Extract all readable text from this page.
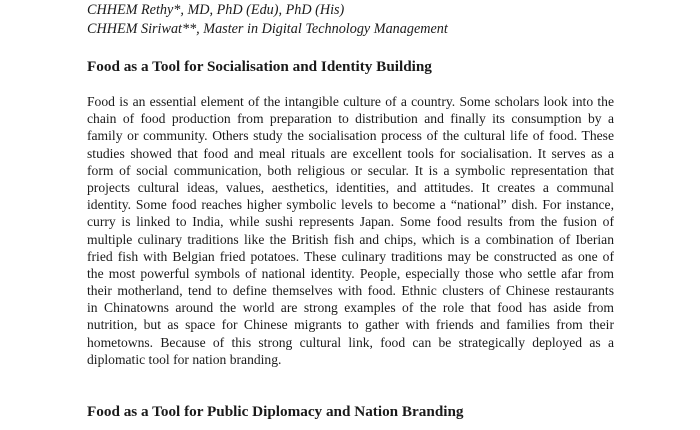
CHHEM Rethy*, MD, PhD (Edu), PhD (His)
CHHEM Siriwat**, Master in Digital Technology Management
Food as a Tool for Socialisation and Identity Building
Food is an essential element of the intangible culture of a country. Some scholars look into the
chain of food production from preparation to distribution and finally its consumption by a
family or community. Others study the socialisation process of the cultural life of food. These
studies showed that food and meal rituals are excellent tools for socialisation. It serves as a
form of social communication, both religious or secular. It is a symbolic representation that
projects cultural ideas, values, aesthetics, identities, and attitudes. It creates a communal
identity. Some food reaches higher symbolic levels to become a “national” dish. For instance,
curry is linked to India, while sushi represents Japan. Some food results from the fusion of
multiple culinary traditions like the British fish and chips, which is a combination of Iberian
fried fish with Belgian fried potatoes. These culinary traditions may be constructed as one of
the most powerful symbols of national identity. People, especially those who settle afar from
their motherland, tend to define themselves with food. Ethnic clusters of Chinese restaurants
in Chinatowns around the world are strong examples of the role that food has aside from
nutrition, but as space for Chinese migrants to gather with friends and families from their
hometowns. Because of this strong cultural link, food can be strategically deployed as a
diplomatic tool for nation branding.
Food as a Tool for Public Diplomacy and Nation Branding
